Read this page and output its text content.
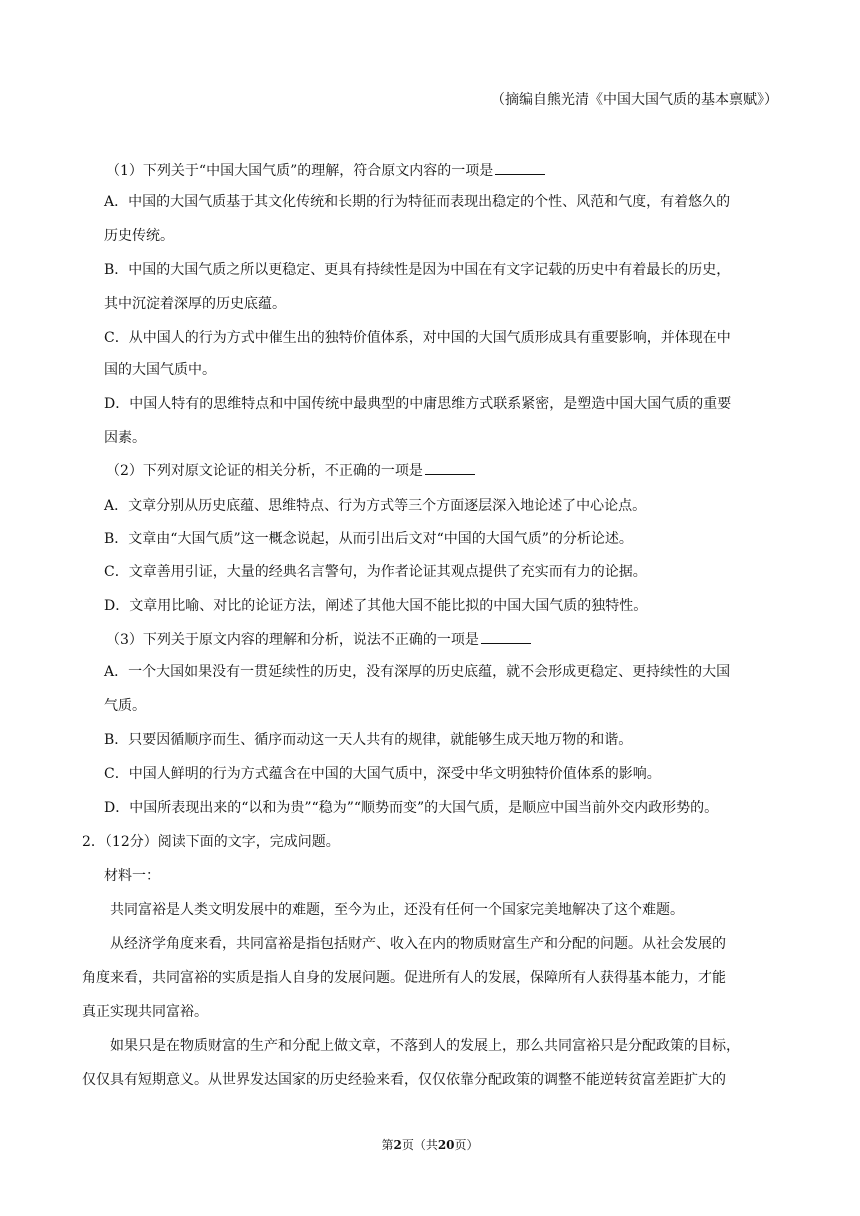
（摘编自熊光清《中国大国气质的基本禀赋》）
（1）下列关于“中国大国气质”的理解，符合原文内容的一项是
A．中国的大国气质基于其文化传统和长期的行为特征而表现出稳定的个性、风范和气度，有着悠久的
历史传统。
B．中国的大国气质之所以更稳定、更具有持续性是因为中国在有文字记载的历史中有着最长的历史，
其中沉淀着深厚的历史底蕴。
C．从中国人的行为方式中催生出的独特价值体系，对中国的大国气质形成具有重要影响，并体现在中
国的大国气质中。
D．中国人特有的思维特点和中国传统中最典型的中庸思维方式联系紧密，是塑造中国大国气质的重要
因素。
（2）下列对原文论证的相关分析，不正确的一项是
A．文章分别从历史底蕴、思维特点、行为方式等三个方面逐层深入地论述了中心论点。
B．文章由“大国气质”这一概念说起，从而引出后文对“中国的大国气质”的分析论述。
C．文章善用引证，大量的经典名言警句，为作者论证其观点提供了充实而有力的论据。
D．文章用比喻、对比的论证方法，阐述了其他大国不能比拟的中国大国气质的独特性。
（3）下列关于原文内容的理解和分析，说法不正确的一项是
A．一个大国如果没有一贯延续性的历史，没有深厚的历史底蕴，就不会形成更稳定、更持续性的大国
气质。
B．只要因循顺序而生、循序而动这一天人共有的规律，就能够生成天地万物的和谐。
C．中国人鲜明的行为方式蕴含在中国的大国气质中，深受中华文明独特价值体系的影响。
D．中国所表现出来的“以和为贵”“稳为”“顺势而变”的大国气质，是顺应中国当前外交内政形势的。
2．（12分）阅读下面的文字，完成问题。
材料一：
共同富裕是人类文明发展中的难题，至今为止，还没有任何一个国家完美地解决了这个难题。
从经济学角度来看，共同富裕是指包括财产、收入在内的物质财富生产和分配的问题。从社会发展的
角度来看，共同富裕的实质是指人自身的发展问题。促进所有人的发展，保障所有人获得基本能力，才能
真正实现共同富裕。
如果只是在物质财富的生产和分配上做文章，不落到人的发展上，那么共同富裕只是分配政策的目标，
仅仅具有短期意义。从世界发达国家的历史经验来看，仅仅依靠分配政策的调整不能逆转贫富差距扩大的
第2页（共20页）
